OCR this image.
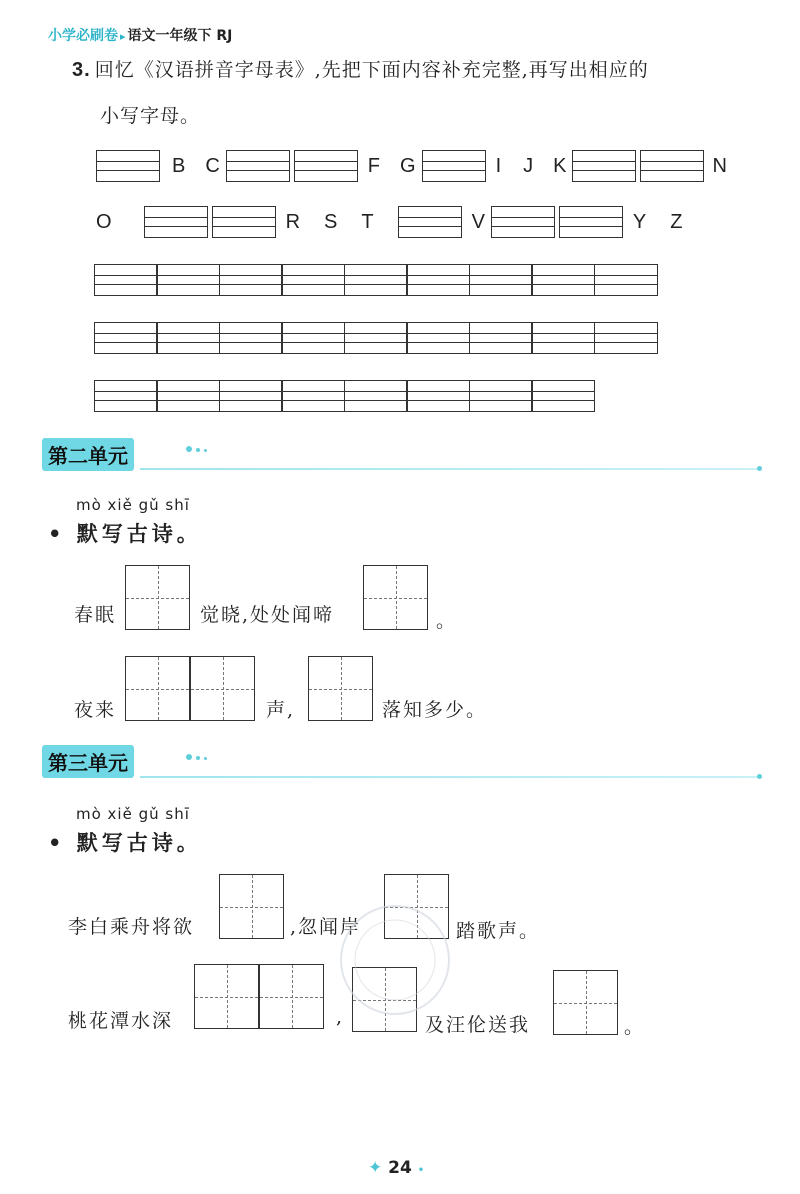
小学必刷卷 ▸ 语文一年级下 RJ
3. 回忆《汉语拼音字母表》,先把下面内容补充完整,再写出相应的
小写字母。
B C	F G	I J K	N
O	R S T	V	Y Z
第二单元
mò xiě gǔ shī
• 默写古诗。
春眠	觉晓,处处闻啼	。
夜来	声,	落知多少。
第三单元
mò xiě gǔ shī
• 默写古诗。
李白乘舟将欲	,忽闻岸	踏歌声。
桃花潭水深	,	及汪伦送我	。
✦ 24 •
